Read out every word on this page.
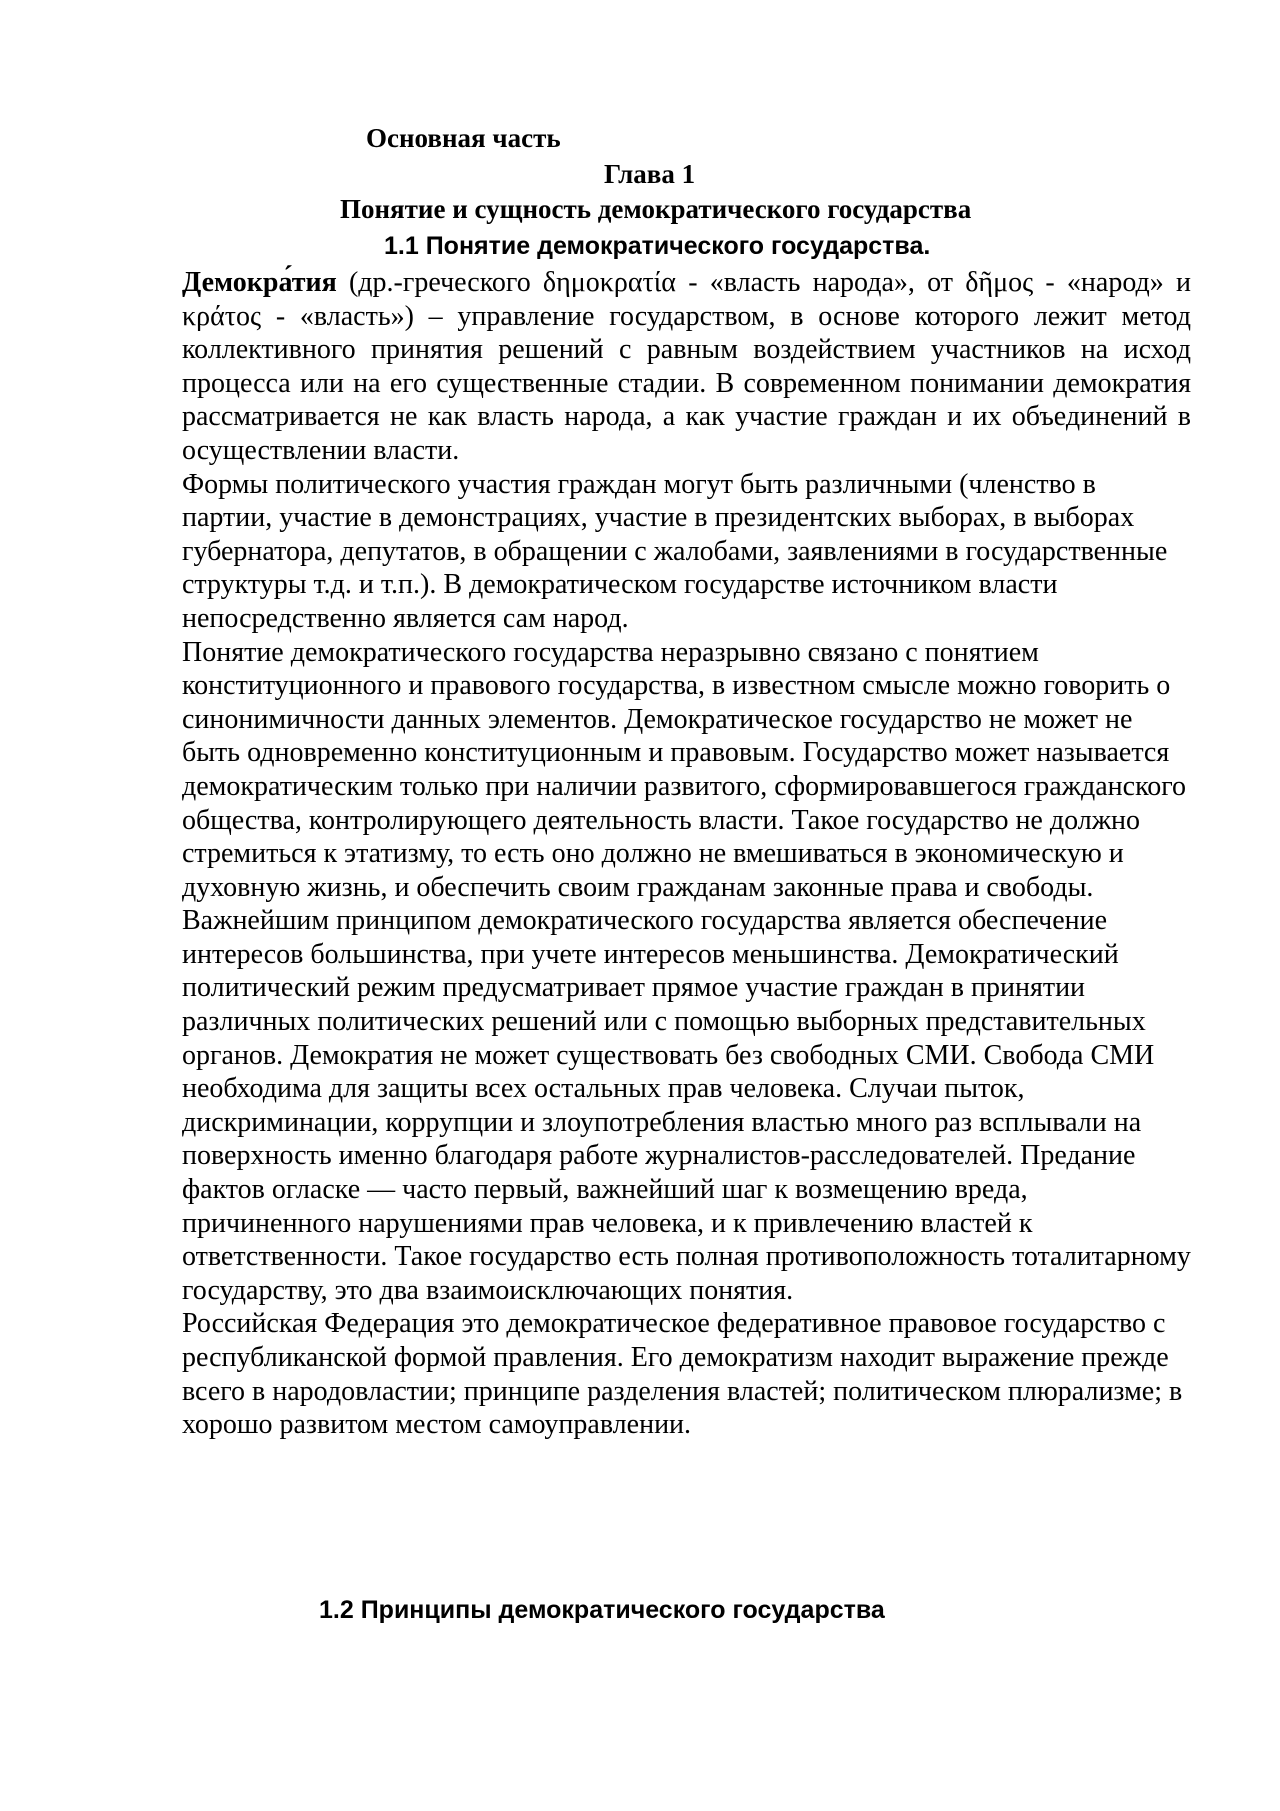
Основная часть
Глава 1
Понятие и сущность демократического государства
1.1 Понятие демократического государства.

Демокра́тия (др.-греческого δημοκρατία - «власть народа», от δῆμος - «народ» и κράτος - «власть») – управление государством, в основе которого лежит метод коллективного принятия решений с равным воздействием участников на исход процесса или на его существенные стадии. В современном понимании демократия рассматривается не как власть народа, а как участие граждан и их объединений в осуществлении власти.

Формы политического участия граждан могут быть различными (членство в партии, участие в демонстрациях, участие в президентских выборах, в выборах губернатора, депутатов, в обращении с жалобами, заявлениями в государственные структуры т.д. и т.п.). В демократическом государстве источником власти непосредственно является сам народ.

Понятие демократического государства неразрывно связано с понятием конституционного и правового государства, в известном смысле можно говорить о синонимичности данных элементов. Демократическое государство не может не быть одновременно конституционным и правовым. Государство может называется демократическим только при наличии развитого, сформировавшегося гражданского общества, контролирующего деятельность власти. Такое государство не должно стремиться к этатизму, то есть оно должно не вмешиваться в экономическую и духовную жизнь, и обеспечить своим гражданам законные права и свободы. Важнейшим принципом демократического государства является обеспечение интересов большинства, при учете интересов меньшинства. Демократический политический режим предусматривает прямое участие граждан в принятии различных политических решений или с помощью выборных представительных органов. Демократия не может существовать без свободных СМИ. Свобода СМИ необходима для защиты всех остальных прав человека. Случаи пыток, дискриминации, коррупции и злоупотребления властью много раз всплывали на поверхность именно благодаря работе журналистов-расследователей. Предание фактов огласке — часто первый, важнейший шаг к возмещению вреда, причиненного нарушениями прав человека, и к привлечению властей к ответственности. Такое государство есть полная противоположность тоталитарному государству, это два взаимоисключающих понятия.

Российская Федерация это демократическое федеративное правовое государство с республиканской формой правления. Его демократизм находит выражение прежде всего в народовластии; принципе разделения властей; политическом плюрализме; в хорошо развитом местом самоуправлении.

1.2 Принципы демократического государства
